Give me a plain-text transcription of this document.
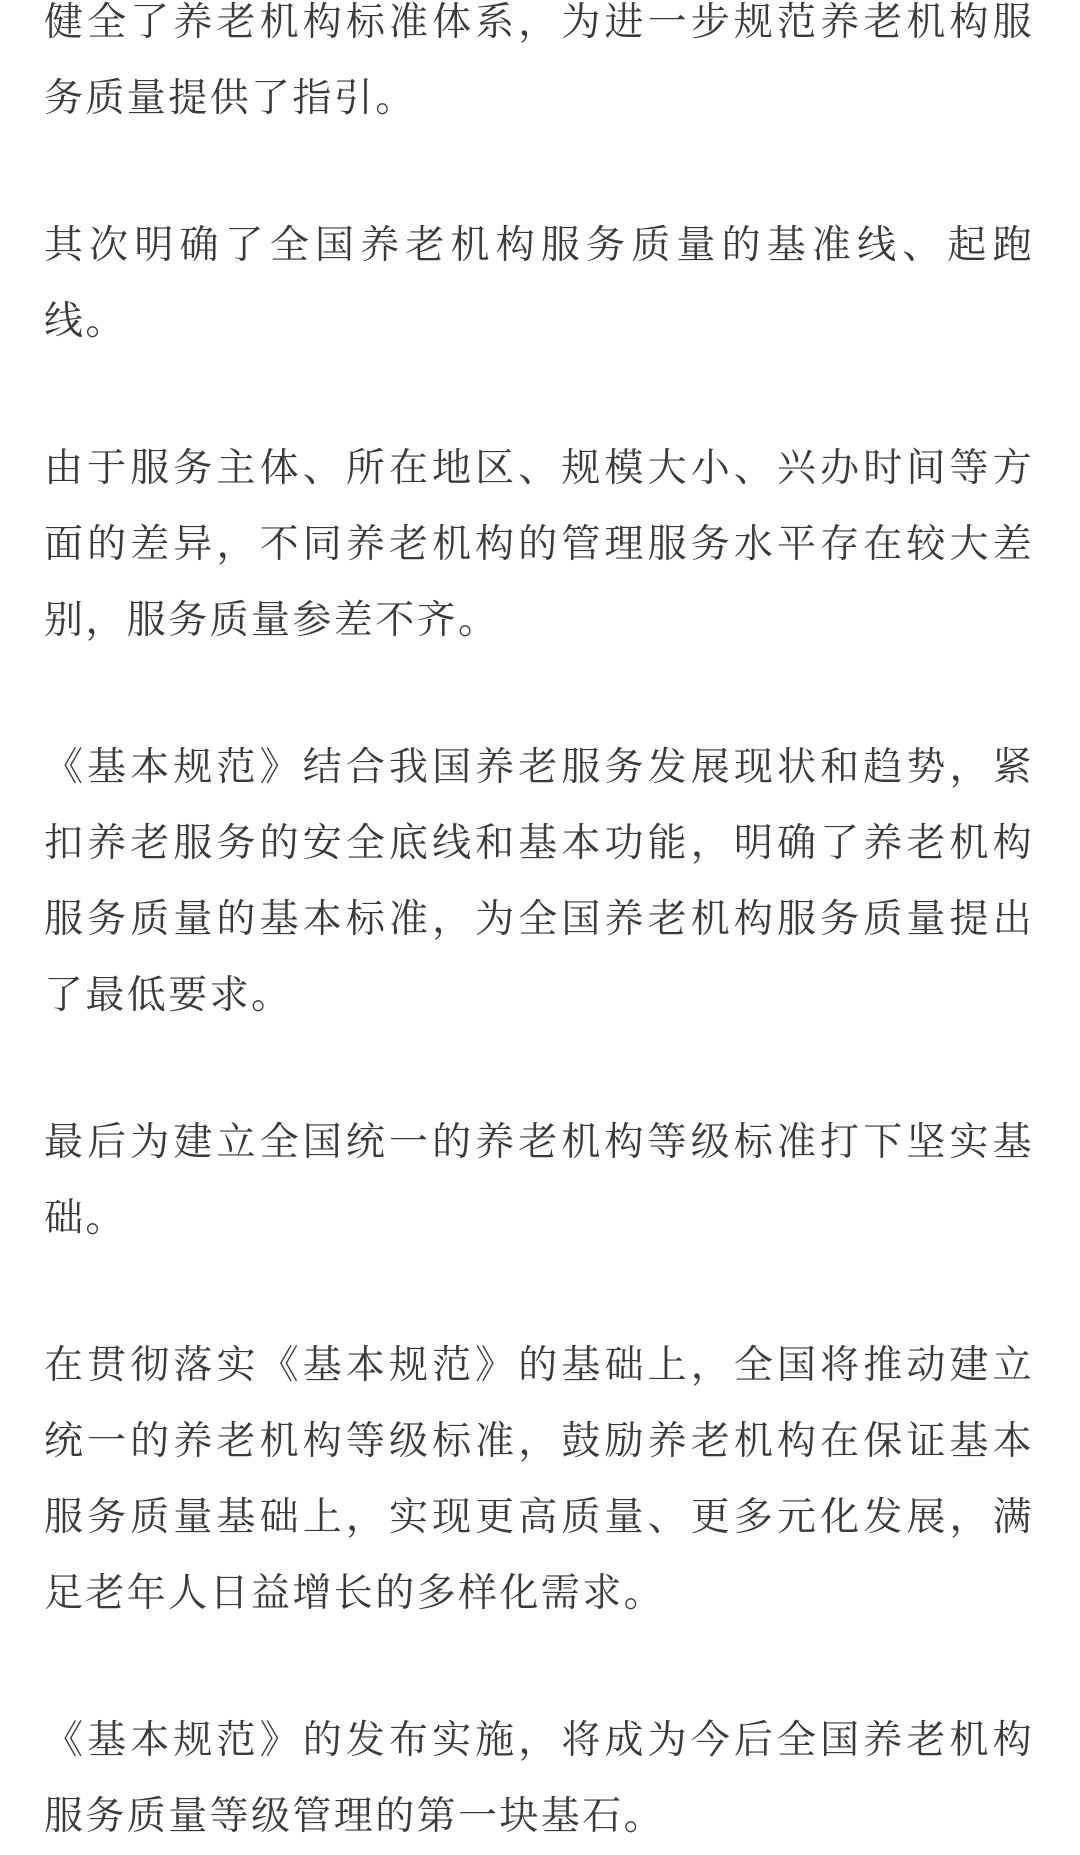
健全了养老机构标准体系，为进一步规范养老机构服务质量提供了指引。

其次明确了全国养老机构服务质量的基准线、起跑线。

由于服务主体、所在地区、规模大小、兴办时间等方面的差异，不同养老机构的管理服务水平存在较大差别，服务质量参差不齐。

《基本规范》结合我国养老服务发展现状和趋势，紧扣养老服务的安全底线和基本功能，明确了养老机构服务质量的基本标准，为全国养老机构服务质量提出了最低要求。

最后为建立全国统一的养老机构等级标准打下坚实基础。

在贯彻落实《基本规范》的基础上，全国将推动建立统一的养老机构等级标准，鼓励养老机构在保证基本服务质量基础上，实现更高质量、更多元化发展，满足老年人日益增长的多样化需求。

《基本规范》的发布实施，将成为今后全国养老机构服务质量等级管理的第一块基石。
